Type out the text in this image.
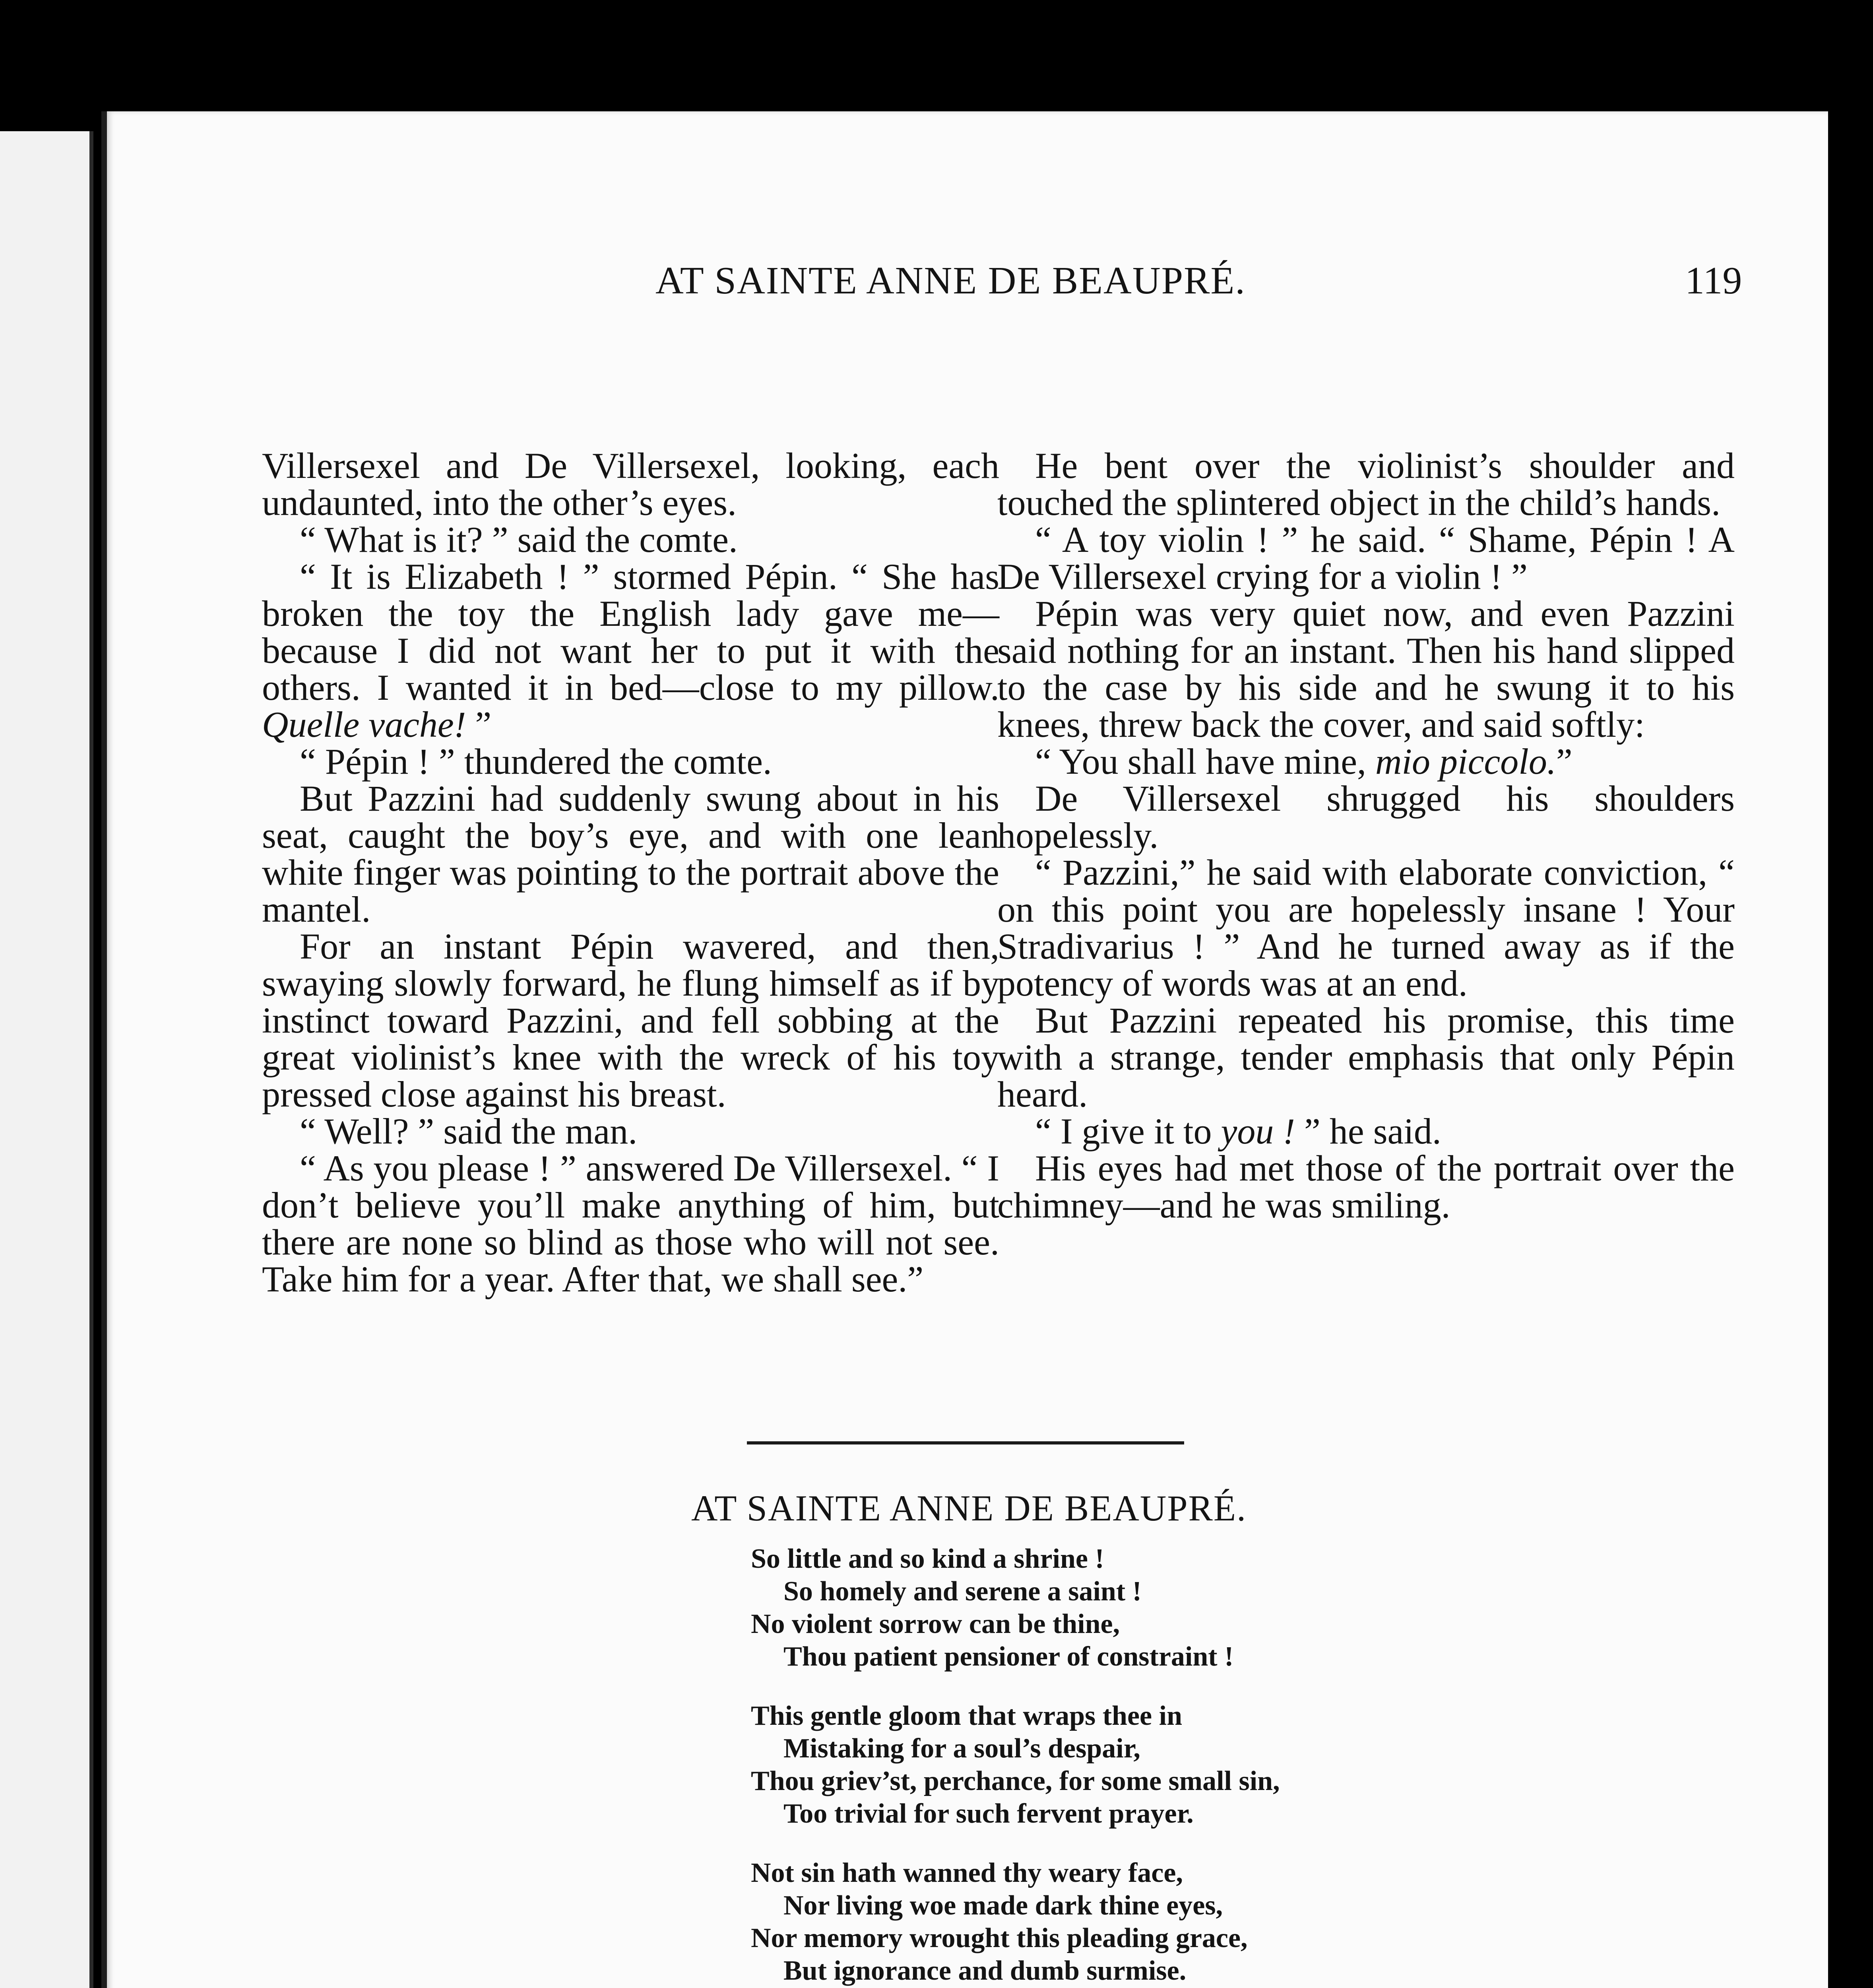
AT SAINTE ANNE DE BEAUPRÉ.	119

Villersexel and De Villersexel, looking, each undaunted, into the other’s eyes.

“ What is it? ” said the comte.

“ It is Elizabeth ! ” stormed Pépin. “ She has broken the toy the English lady gave me—because I did not want her to put it with the others. I wanted it in bed—close to my pillow. Quelle vache! ”

“ Pépin ! ” thundered the comte.

But Pazzini had suddenly swung about in his seat, caught the boy’s eye, and with one lean white finger was pointing to the portrait above the mantel.

For an instant Pépin wavered, and then, swaying slowly forward, he flung himself as if by instinct toward Pazzini, and fell sobbing at the great violinist’s knee with the wreck of his toy pressed close against his breast.

“ Well? ” said the man.

“ As you please ! ” answered De Villersexel. “ I don’t believe you’ll make anything of him, but there are none so blind as those who will not see. Take him for a year. After that, we shall see.”

He bent over the violinist’s shoulder and touched the splintered object in the child’s hands.

“ A toy violin ! ” he said. “ Shame, Pépin ! A De Villersexel crying for a violin ! ”

Pépin was very quiet now, and even Pazzini said nothing for an instant. Then his hand slipped to the case by his side and he swung it to his knees, threw back the cover, and said softly:

“ You shall have mine, mio piccolo.”

De Villersexel shrugged his shoulders hopelessly.

“ Pazzini,” he said with elaborate conviction, “ on this point you are hopelessly insane ! Your Stradivarius ! ” And he turned away as if the potency of words was at an end.

But Pazzini repeated his promise, this time with a strange, tender emphasis that only Pépin heard.

“ I give it to you ! ” he said.

His eyes had met those of the portrait over the chimney—and he was smiling.

AT SAINTE ANNE DE BEAUPRÉ.
So little and so kind a shrine !
So homely and serene a saint !
No violent sorrow can be thine,
Thou patient pensioner of constraint !
This gentle gloom that wraps thee in
Mistaking for a soul’s despair,
Thou griev’st, perchance, for some small sin,
Too trivial for such fervent prayer.
Not sin hath wanned thy weary face,
Nor living woe made dark thine eyes,
Nor memory wrought this pleading grace,
But ignorance and dumb surmise.
